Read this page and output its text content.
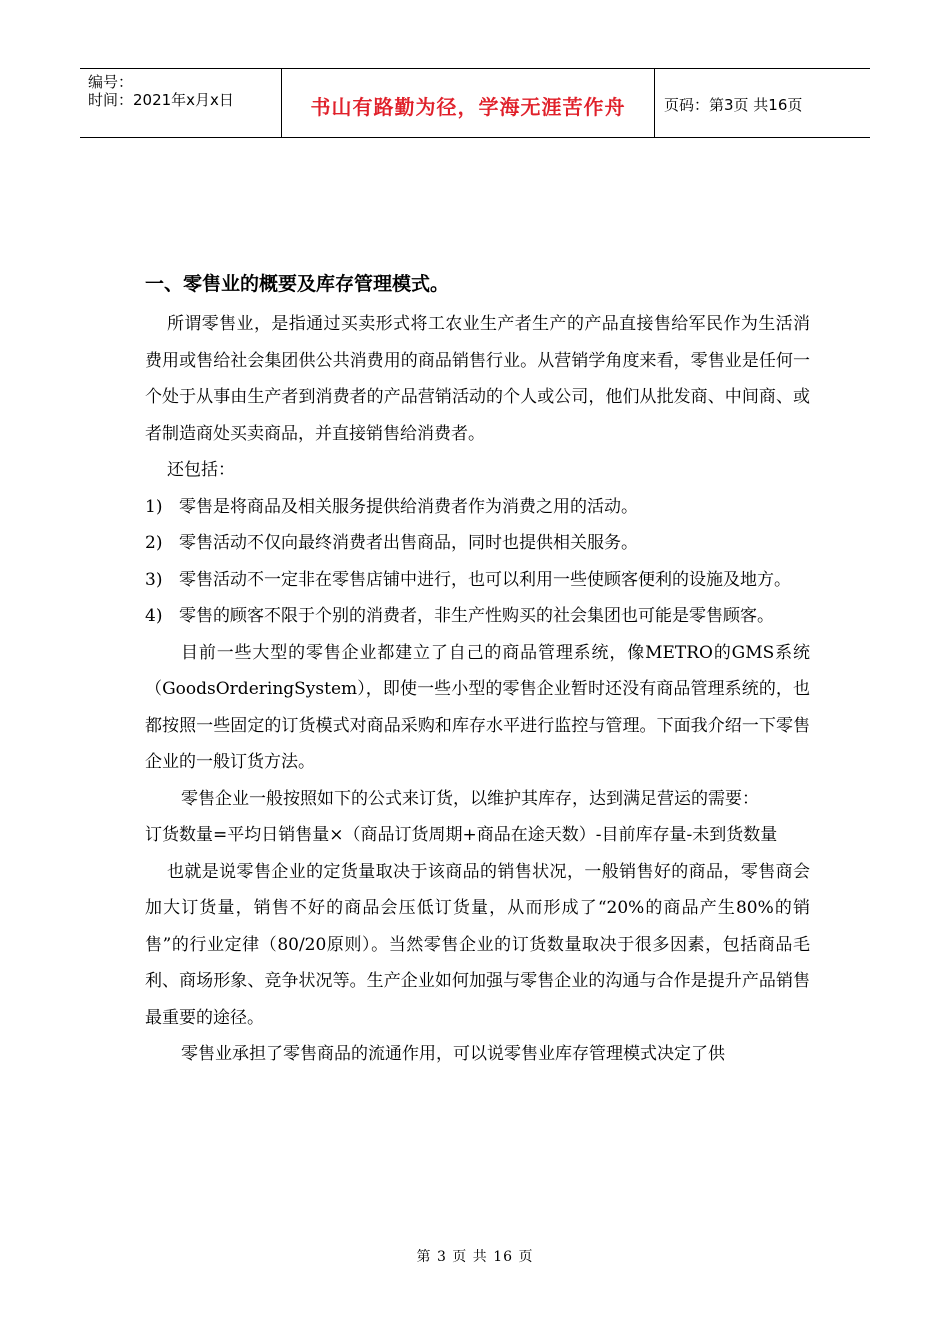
编号：
时间：2021年x月x日	书山有路勤为径，学海无涯苦作舟	页码：第3页 共16页
一、零售业的概要及库存管理模式。

所谓零售业，是指通过买卖形式将工农业生产者生产的产品直接售给军民作为生活消费用或售给社会集团供公共消费用的商品销售行业。从营销学角度来看，零售业是任何一个处于从事由生产者到消费者的产品营销活动的个人或公司，他们从批发商、中间商、或者制造商处买卖商品，并直接销售给消费者。

还包括：

1) 零售是将商品及相关服务提供给消费者作为消费之用的活动。
2) 零售活动不仅向最终消费者出售商品，同时也提供相关服务。
3) 零售活动不一定非在零售店铺中进行，也可以利用一些使顾客便利的设施及地方。
4) 零售的顾客不限于个别的消费者，非生产性购买的社会集团也可能是零售顾客。

目前一些大型的零售企业都建立了自己的商品管理系统，像METRO的GMS系统（GoodsOrderingSystem），即使一些小型的零售企业暂时还没有商品管理系统的，也都按照一些固定的订货模式对商品采购和库存水平进行监控与管理。下面我介绍一下零售企业的一般订货方法。

零售企业一般按照如下的公式来订货，以维护其库存，达到满足营运的需要：

订货数量=平均日销售量×（商品订货周期+商品在途天数）-目前库存量-未到货数量

也就是说零售企业的定货量取决于该商品的销售状况，一般销售好的商品，零售商会加大订货量，销售不好的商品会压低订货量，从而形成了“20%的商品产生80%的销售”的行业定律（80/20原则）。当然零售企业的订货数量取决于很多因素，包括商品毛利、商场形象、竞争状况等。生产企业如何加强与零售企业的沟通与合作是提升产品销售最重要的途径。

零售业承担了零售商品的流通作用，可以说零售业库存管理模式决定了供

第 3 页 共 16 页
